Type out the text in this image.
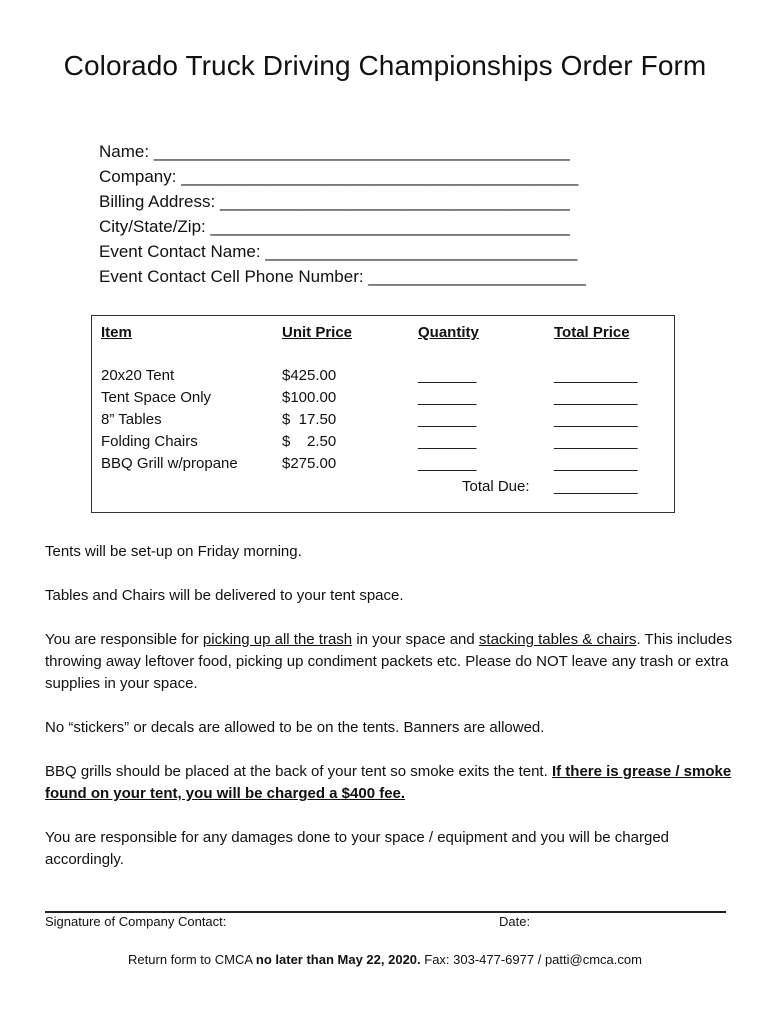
Colorado Truck Driving Championships Order Form
Name: ____________________________________________
Company: __________________________________________
Billing Address: _____________________________________
City/State/Zip: ______________________________________
Event Contact Name: _________________________________
Event Contact Cell Phone Number: _______________________
Item	Unit Price	Quantity	Total Price
20x20 Tent	$425.00	_______	__________
Tent Space Only	$100.00	_______	__________
8” Tables	$  17.50	_______	__________
Folding Chairs	$    2.50	_______	__________
BBQ Grill w/propane	$275.00	_______	__________
Total Due: __________

Tents will be set-up on Friday morning.

Tables and Chairs will be delivered to your tent space.

You are responsible for picking up all the trash in your space and stacking tables & chairs. This includes throwing away leftover food, picking up condiment packets etc. Please do NOT leave any trash or extra supplies in your space.

No “stickers” or decals are allowed to be on the tents. Banners are allowed.

BBQ grills should be placed at the back of your tent so smoke exits the tent. If there is grease / smoke found on your tent, you will be charged a $400 fee.

You are responsible for any damages done to your space / equipment and you will be charged accordingly.

Signature of Company Contact:	Date:
Return form to CMCA no later than May 22, 2020. Fax: 303-477-6977 / patti@cmca.com
